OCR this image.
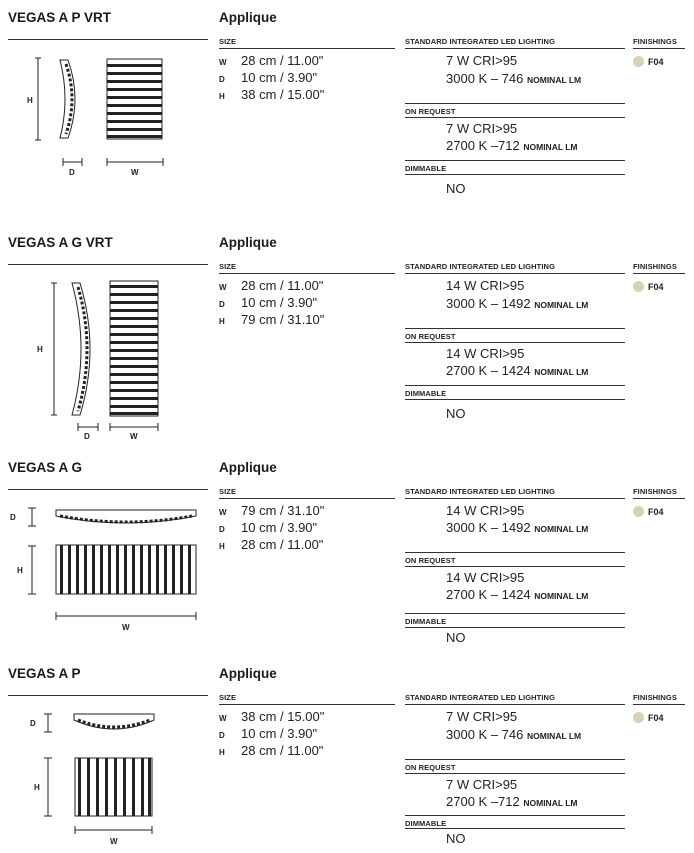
VEGAS A P VRT	Applique
SIZE	STANDARD INTEGRATED LED LIGHTING	FINISHINGS
H
D	W
W 28 cm / 11.00"
D 10 cm / 3.90"
H 38 cm / 15.00"
7 W CRI>95
3000 K – 746 NOMINAL LM
F04
ON REQUEST
7 W CRI>95
2700 K –712 NOMINAL LM
DIMMABLE
NO
VEGAS A G VRT	Applique
SIZE	STANDARD INTEGRATED LED LIGHTING	FINISHINGS
H
D	W
W 28 cm / 11.00"
D 10 cm / 3.90"
H 79 cm / 31.10"
14 W CRI>95
3000 K – 1492 NOMINAL LM
F04
ON REQUEST
14 W CRI>95
2700 K – 1424 NOMINAL LM
DIMMABLE
NO
VEGAS A G	Applique
SIZE	STANDARD INTEGRATED LED LIGHTING	FINISHINGS
D
H
W
W 79 cm / 31.10"
D 10 cm / 3.90"
H 28 cm / 11.00"
14 W CRI>95
3000 K – 1492 NOMINAL LM
F04
ON REQUEST
14 W CRI>95
2700 K – 1424 NOMINAL LM
DIMMABLE
NO
VEGAS A P	Applique
SIZE	STANDARD INTEGRATED LED LIGHTING	FINISHINGS
D
H
W
W 38 cm / 15.00"
D 10 cm / 3.90"
H 28 cm / 11.00"
7 W CRI>95
3000 K – 746 NOMINAL LM
F04
ON REQUEST
7 W CRI>95
2700 K –712 NOMINAL LM
DIMMABLE
NO
